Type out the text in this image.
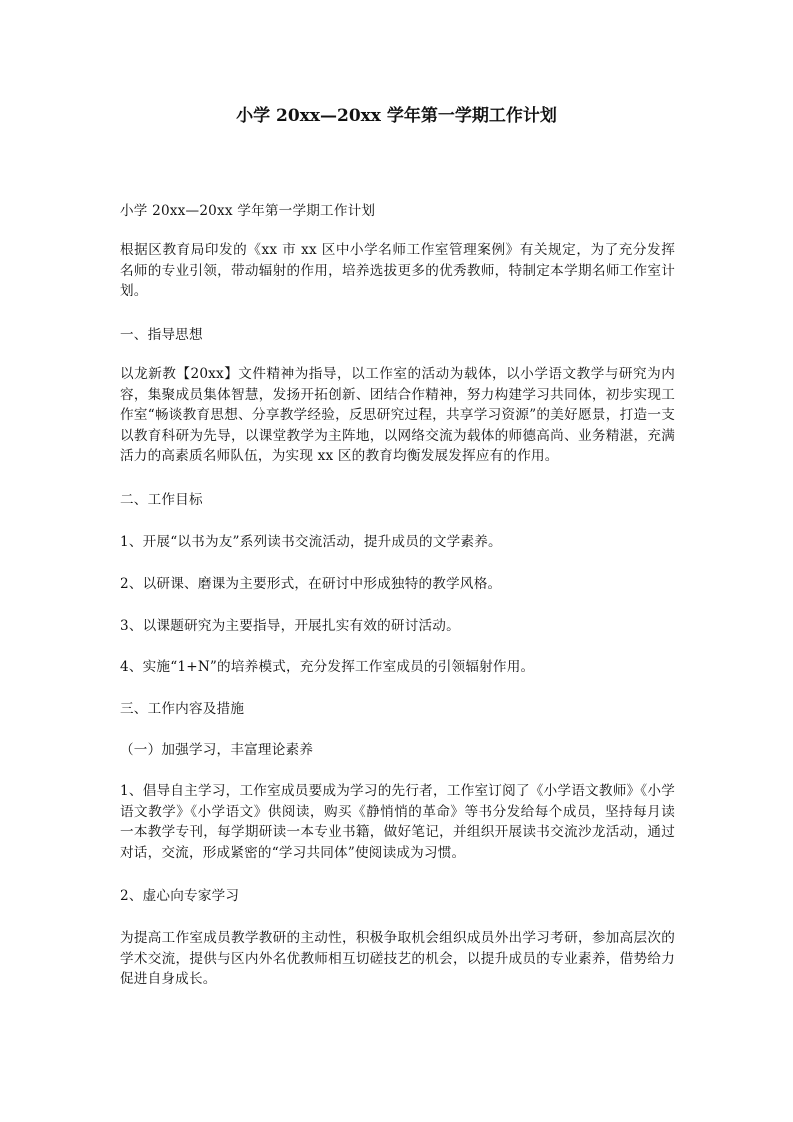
小学 20xx—20xx 学年第一学期工作计划

小学 20xx—20xx 学年第一学期工作计划

根据区教育局印发的《xx 市 xx 区中小学名师工作室管理案例》有关规定，为了充分发挥名师的专业引领，带动辐射的作用，培养选拔更多的优秀教师，特制定本学期名师工作室计划。

一、指导思想

以龙新教【20xx】文件精神为指导，以工作室的活动为载体，以小学语文教学与研究为内容，集聚成员集体智慧，发扬开拓创新、团结合作精神，努力构建学习共同体，初步实现工作室“畅谈教育思想、分享教学经验，反思研究过程，共享学习资源”的美好愿景，打造一支以教育科研为先导，以课堂教学为主阵地，以网络交流为载体的师德高尚、业务精湛，充满活力的高素质名师队伍，为实现 xx 区的教育均衡发展发挥应有的作用。

二、工作目标

1、开展“以书为友”系列读书交流活动，提升成员的文学素养。

2、以研课、磨课为主要形式，在研讨中形成独特的教学风格。

3、以课题研究为主要指导，开展扎实有效的研讨活动。

4、实施“1+N”的培养模式，充分发挥工作室成员的引领辐射作用。

三、工作内容及措施

（一）加强学习，丰富理论素养

1、倡导自主学习，工作室成员要成为学习的先行者，工作室订阅了《小学语文教师》《小学语文教学》《小学语文》供阅读，购买《静悄悄的革命》等书分发给每个成员，坚持每月读一本教学专刊，每学期研读一本专业书籍，做好笔记，并组织开展读书交流沙龙活动，通过对话，交流，形成紧密的“学习共同体”使阅读成为习惯。

2、虚心向专家学习

为提高工作室成员教学教研的主动性，积极争取机会组织成员外出学习考研，参加高层次的学术交流，提供与区内外名优教师相互切磋技艺的机会，以提升成员的专业素养，借势给力促进自身成长。
